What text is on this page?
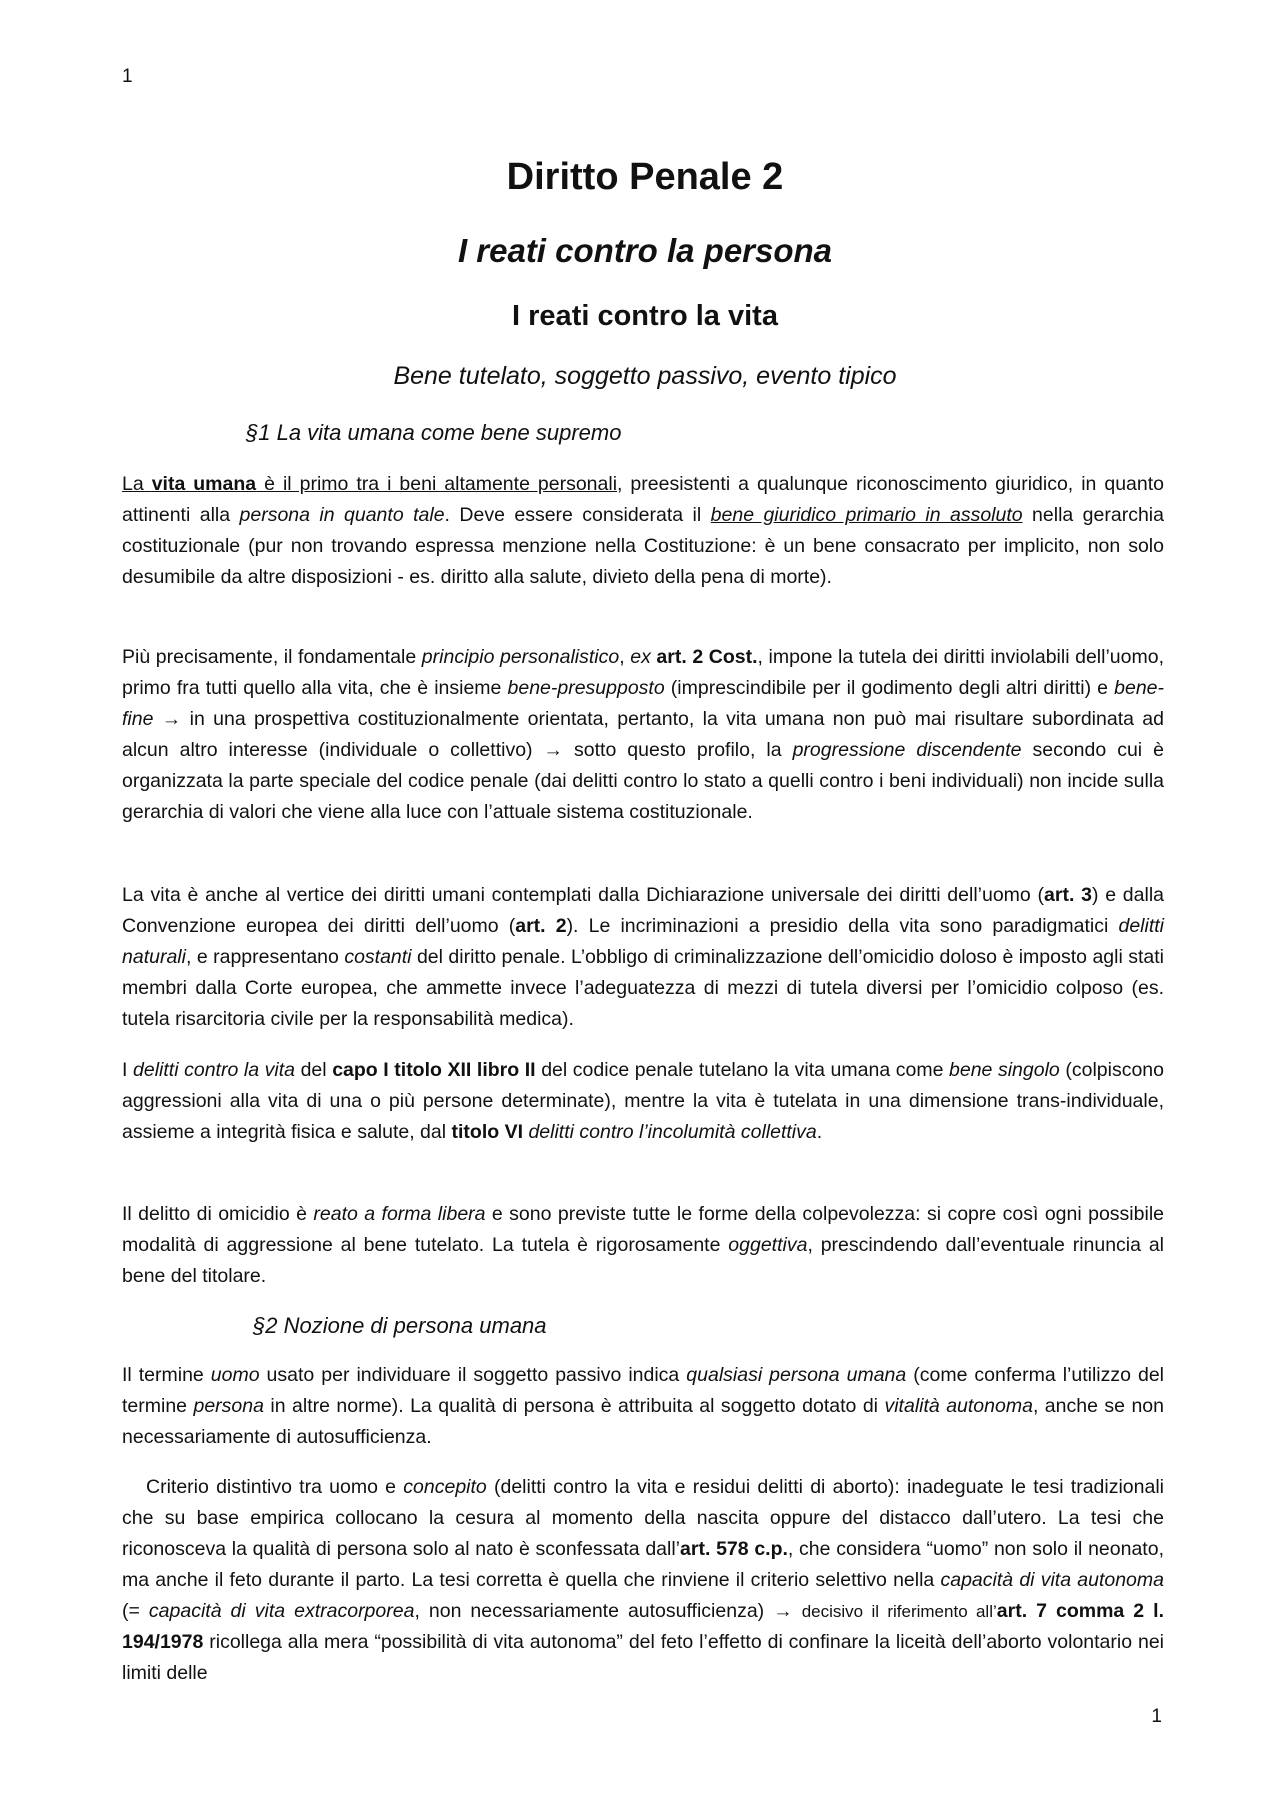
1
Diritto Penale 2
I reati contro la persona
I reati contro la vita
Bene tutelato, soggetto passivo, evento tipico
§1 La vita umana come bene supremo

La vita umana è il primo tra i beni altamente personali, preesistenti a qualunque riconoscimento giuridico, in quanto attinenti alla persona in quanto tale. Deve essere considerata il bene giuridico primario in assoluto nella gerarchia costituzionale (pur non trovando espressa menzione nella Costituzione: è un bene consacrato per implicito, non solo desumibile da altre disposizioni - es. diritto alla salute, divieto della pena di morte).

Più precisamente, il fondamentale principio personalistico, ex art. 2 Cost., impone la tutela dei diritti inviolabili dell’uomo, primo fra tutti quello alla vita, che è insieme bene-presupposto (imprescindibile per il godimento degli altri diritti) e bene-fine → in una prospettiva costituzionalmente orientata, pertanto, la vita umana non può mai risultare subordinata ad alcun altro interesse (individuale o collettivo) → sotto questo profilo, la progressione discendente secondo cui è organizzata la parte speciale del codice penale (dai delitti contro lo stato a quelli contro i beni individuali) non incide sulla gerarchia di valori che viene alla luce con l’attuale sistema costituzionale.

La vita è anche al vertice dei diritti umani contemplati dalla Dichiarazione universale dei diritti dell’uomo (art. 3) e dalla Convenzione europea dei diritti dell’uomo (art. 2). Le incriminazioni a presidio della vita sono paradigmatici delitti naturali, e rappresentano costanti del diritto penale. L’obbligo di criminalizzazione dell’omicidio doloso è imposto agli stati membri dalla Corte europea, che ammette invece l’adeguatezza di mezzi di tutela diversi per l’omicidio colposo (es. tutela risarcitoria civile per la responsabilità medica).

I delitti contro la vita del capo I titolo XII libro II del codice penale tutelano la vita umana come bene singolo (colpiscono aggressioni alla vita di una o più persone determinate), mentre la vita è tutelata in una dimensione trans-individuale, assieme a integrità fisica e salute, dal titolo VI delitti contro l’incolumità collettiva.

Il delitto di omicidio è reato a forma libera e sono previste tutte le forme della colpevolezza: si copre così ogni possibile modalità di aggressione al bene tutelato. La tutela è rigorosamente oggettiva, prescindendo dall’eventuale rinuncia al bene del titolare.

§2 Nozione di persona umana

Il termine uomo usato per individuare il soggetto passivo indica qualsiasi persona umana (come conferma l’utilizzo del termine persona in altre norme). La qualità di persona è attribuita al soggetto dotato di vitalità autonoma, anche se non necessariamente di autosufficienza.

Criterio distintivo tra uomo e concepito (delitti contro la vita e residui delitti di aborto): inadeguate le tesi tradizionali che su base empirica collocano la cesura al momento della nascita oppure del distacco dall’utero. La tesi che riconosceva la qualità di persona solo al nato è sconfessata dall’art. 578 c.p., che considera “uomo” non solo il neonato, ma anche il feto durante il parto. La tesi corretta è quella che rinviene il criterio selettivo nella capacità di vita autonoma (= capacità di vita extracorporea, non necessariamente autosufficienza) → decisivo il riferimento all’art. 7 comma 2 l. 194/1978 ricollega alla mera “possibilità di vita autonoma” del feto l’effetto di confinare la liceità dell’aborto volontario nei limiti delle

1
